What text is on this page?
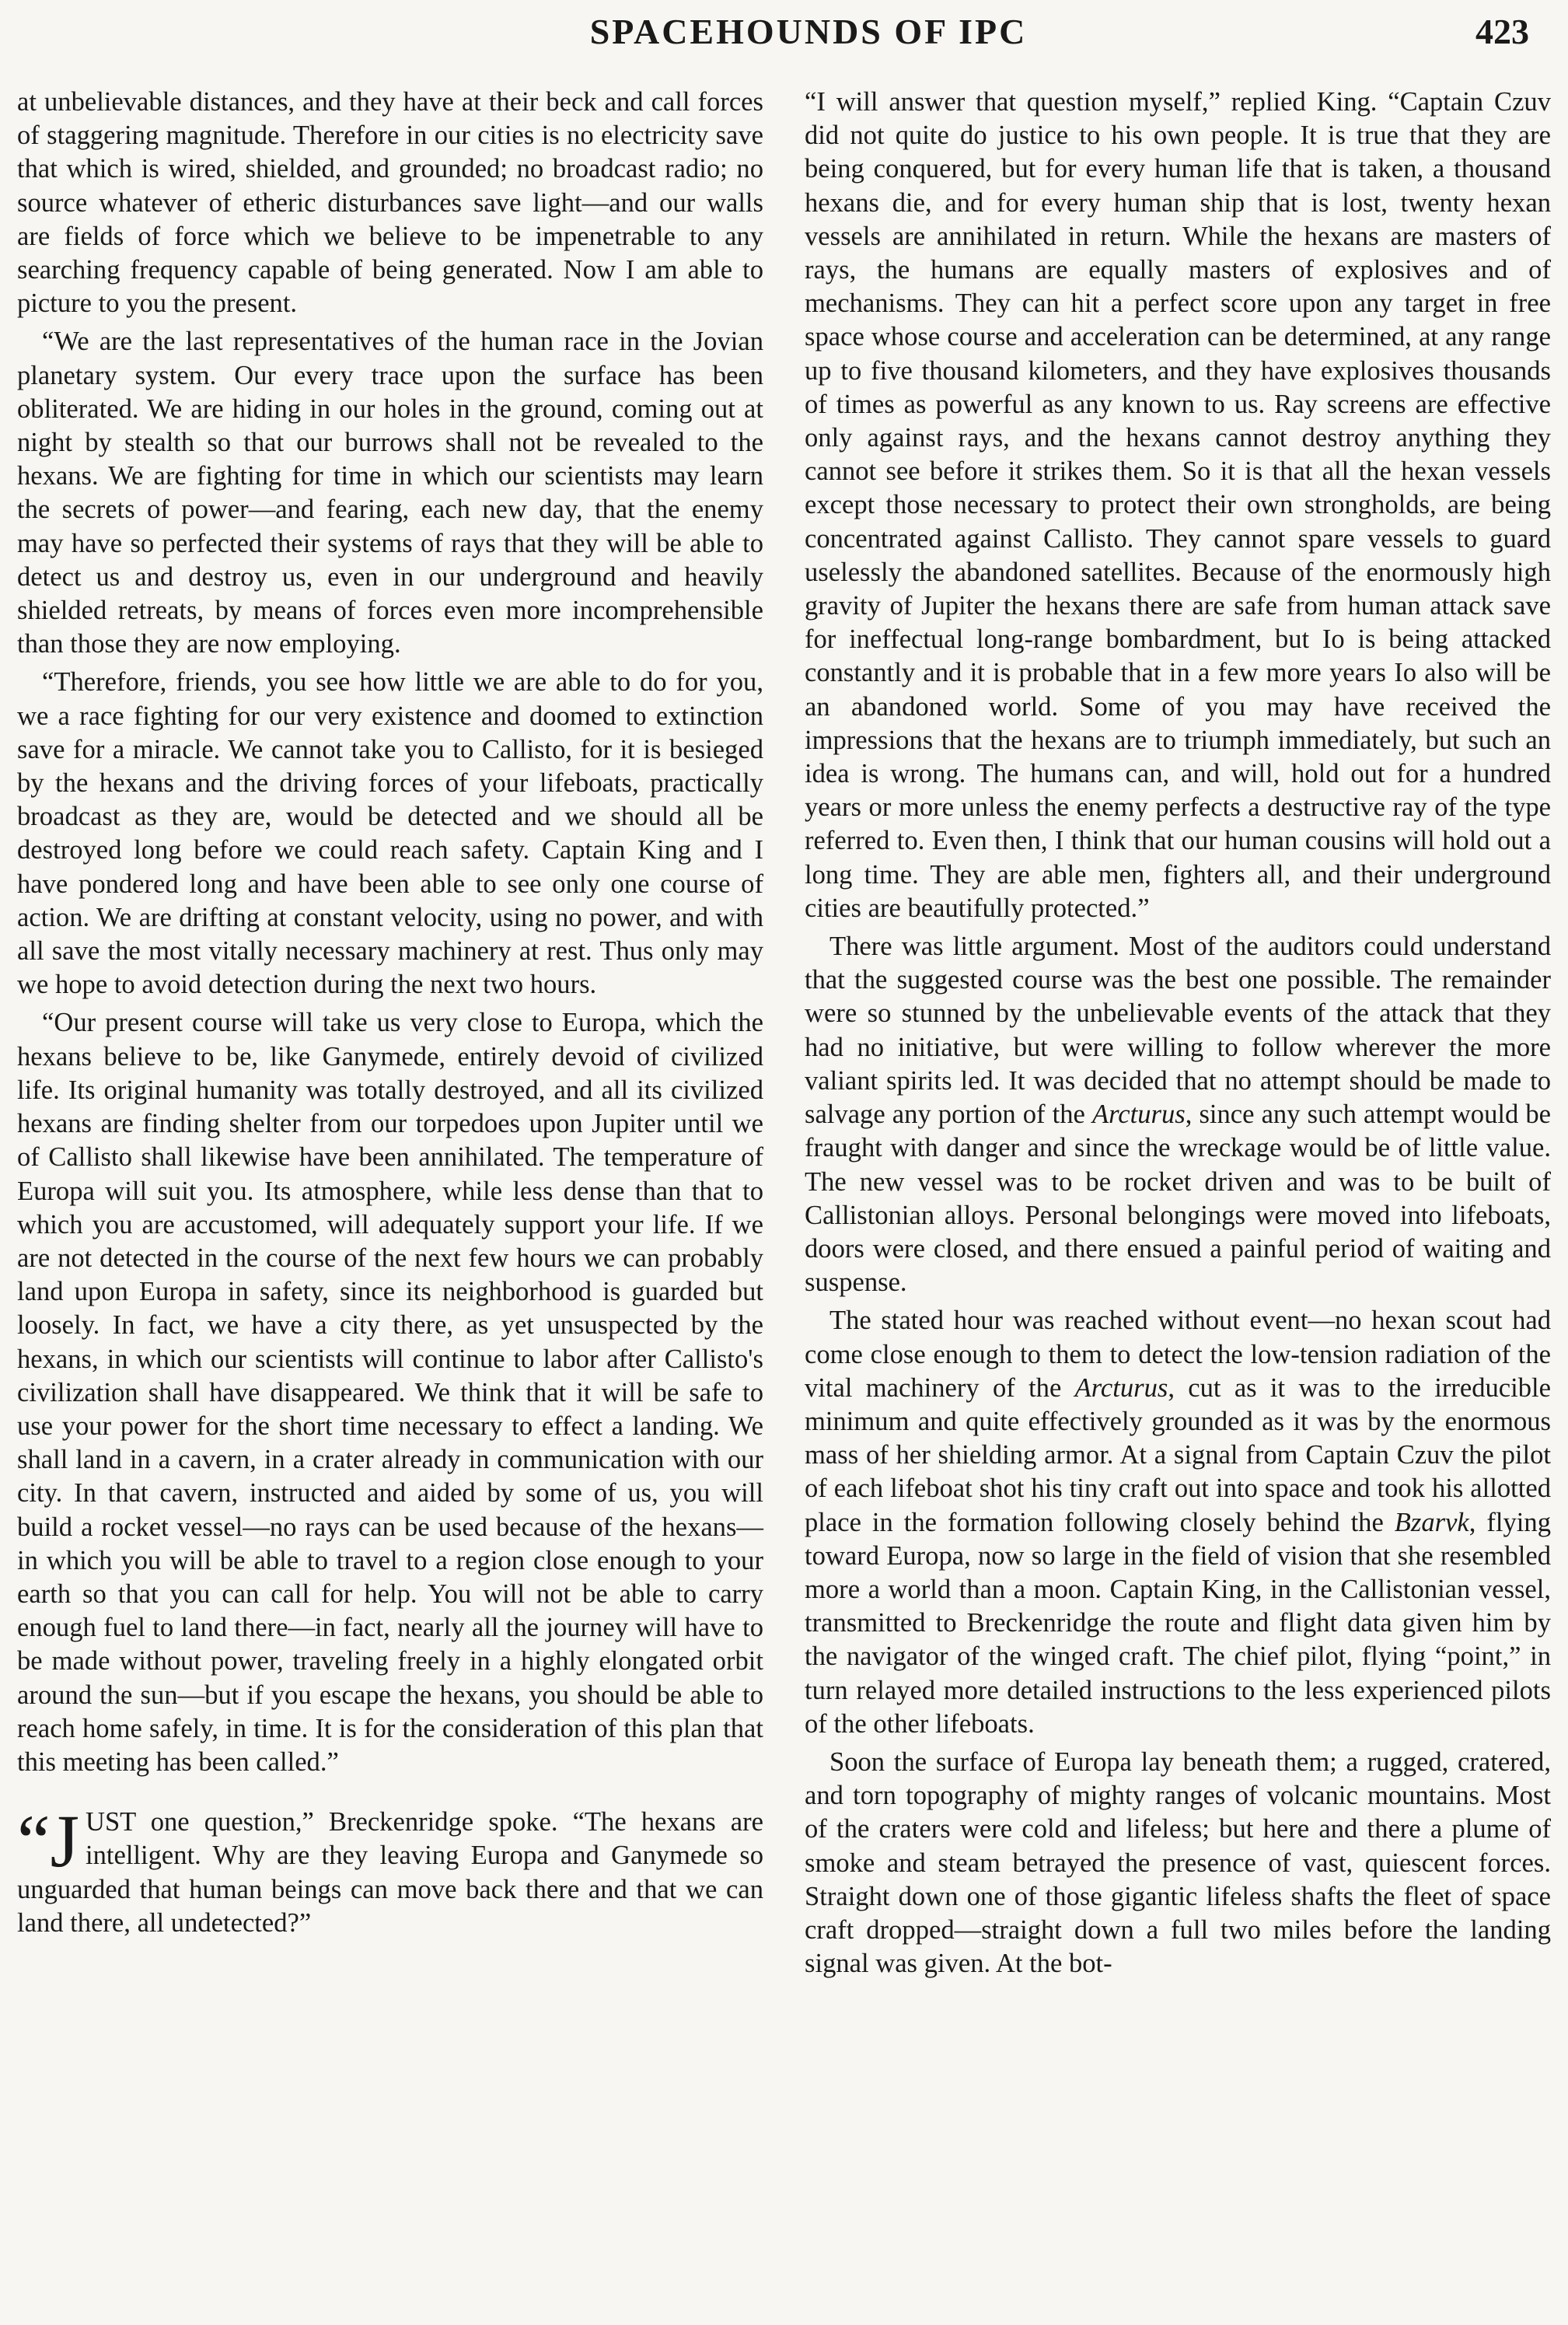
SPACEHOUNDS OF IPC	423

at unbelievable distances, and they have at their beck and call forces of staggering magnitude. Therefore in our cities is no electricity save that which is wired, shielded, and grounded; no broadcast radio; no source whatever of etheric disturbances save light—and our walls are fields of force which we believe to be impenetrable to any searching frequency capable of being generated. Now I am able to picture to you the present.

“We are the last representatives of the human race in the Jovian planetary system. Our every trace upon the surface has been obliterated. We are hiding in our holes in the ground, coming out at night by stealth so that our burrows shall not be revealed to the hexans. We are fighting for time in which our scientists may learn the secrets of power—and fearing, each new day, that the enemy may have so perfected their systems of rays that they will be able to detect us and destroy us, even in our underground and heavily shielded retreats, by means of forces even more incomprehensible than those they are now employing.

“Therefore, friends, you see how little we are able to do for you, we a race fighting for our very existence and doomed to extinction save for a miracle. We cannot take you to Callisto, for it is besieged by the hexans and the driving forces of your lifeboats, practically broadcast as they are, would be detected and we should all be destroyed long before we could reach safety. Captain King and I have pondered long and have been able to see only one course of action. We are drifting at constant velocity, using no power, and with all save the most vitally necessary machinery at rest. Thus only may we hope to avoid detection during the next two hours.

“Our present course will take us very close to Europa, which the hexans believe to be, like Ganymede, entirely devoid of civilized life. Its original humanity was totally destroyed, and all its civilized hexans are finding shelter from our torpedoes upon Jupiter until we of Callisto shall likewise have been annihilated. The temperature of Europa will suit you. Its atmosphere, while less dense than that to which you are accustomed, will adequately support your life. If we are not detected in the course of the next few hours we can probably land upon Europa in safety, since its neighborhood is guarded but loosely. In fact, we have a city there, as yet unsuspected by the hexans, in which our scientists will continue to labor after Callisto's civilization shall have disappeared. We think that it will be safe to use your power for the short time necessary to effect a landing. We shall land in a cavern, in a crater already in communication with our city. In that cavern, instructed and aided by some of us, you will build a rocket vessel—no rays can be used because of the hexans—in which you will be able to travel to a region close enough to your earth so that you can call for help. You will not be able to carry enough fuel to land there—in fact, nearly all the journey will have to be made without power, traveling freely in a highly elongated orbit around the sun—but if you escape the hexans, you should be able to reach home safely, in time. It is for the consideration of this plan that this meeting has been called.”

“JUST one question,” Breckenridge spoke. “The hexans are intelligent. Why are they leaving Europa and Ganymede so unguarded that human beings can move back there and that we can land there, all undetected?”

“I will answer that question myself,” replied King. “Captain Czuv did not quite do justice to his own people. It is true that they are being conquered, but for every human life that is taken, a thousand hexans die, and for every human ship that is lost, twenty hexan vessels are annihilated in return. While the hexans are masters of rays, the humans are equally masters of explosives and of mechanisms. They can hit a perfect score upon any target in free space whose course and acceleration can be determined, at any range up to five thousand kilometers, and they have explosives thousands of times as powerful as any known to us. Ray screens are effective only against rays, and the hexans cannot destroy anything they cannot see before it strikes them. So it is that all the hexan vessels except those necessary to protect their own strongholds, are being concentrated against Callisto. They cannot spare vessels to guard uselessly the abandoned satellites. Because of the enormously high gravity of Jupiter the hexans there are safe from human attack save for ineffectual long-range bombardment, but Io is being attacked constantly and it is probable that in a few more years Io also will be an abandoned world. Some of you may have received the impressions that the hexans are to triumph immediately, but such an idea is wrong. The humans can, and will, hold out for a hundred years or more unless the enemy perfects a destructive ray of the type referred to. Even then, I think that our human cousins will hold out a long time. They are able men, fighters all, and their underground cities are beautifully protected.”

There was little argument. Most of the auditors could understand that the suggested course was the best one possible. The remainder were so stunned by the unbelievable events of the attack that they had no initiative, but were willing to follow wherever the more valiant spirits led. It was decided that no attempt should be made to salvage any portion of the Arcturus, since any such attempt would be fraught with danger and since the wreckage would be of little value. The new vessel was to be rocket driven and was to be built of Callistonian alloys. Personal belongings were moved into lifeboats, doors were closed, and there ensued a painful period of waiting and suspense.

The stated hour was reached without event—no hexan scout had come close enough to them to detect the low-tension radiation of the vital machinery of the Arcturus, cut as it was to the irreducible minimum and quite effectively grounded as it was by the enormous mass of her shielding armor. At a signal from Captain Czuv the pilot of each lifeboat shot his tiny craft out into space and took his allotted place in the formation following closely behind the Bzarvk, flying toward Europa, now so large in the field of vision that she resembled more a world than a moon. Captain King, in the Callistonian vessel, transmitted to Breckenridge the route and flight data given him by the navigator of the winged craft. The chief pilot, flying “point,” in turn relayed more detailed instructions to the less experienced pilots of the other lifeboats.

Soon the surface of Europa lay beneath them; a rugged, cratered, and torn topography of mighty ranges of volcanic mountains. Most of the craters were cold and lifeless; but here and there a plume of smoke and steam betrayed the presence of vast, quiescent forces. Straight down one of those gigantic lifeless shafts the fleet of space craft dropped—straight down a full two miles before the landing signal was given. At the bot-
